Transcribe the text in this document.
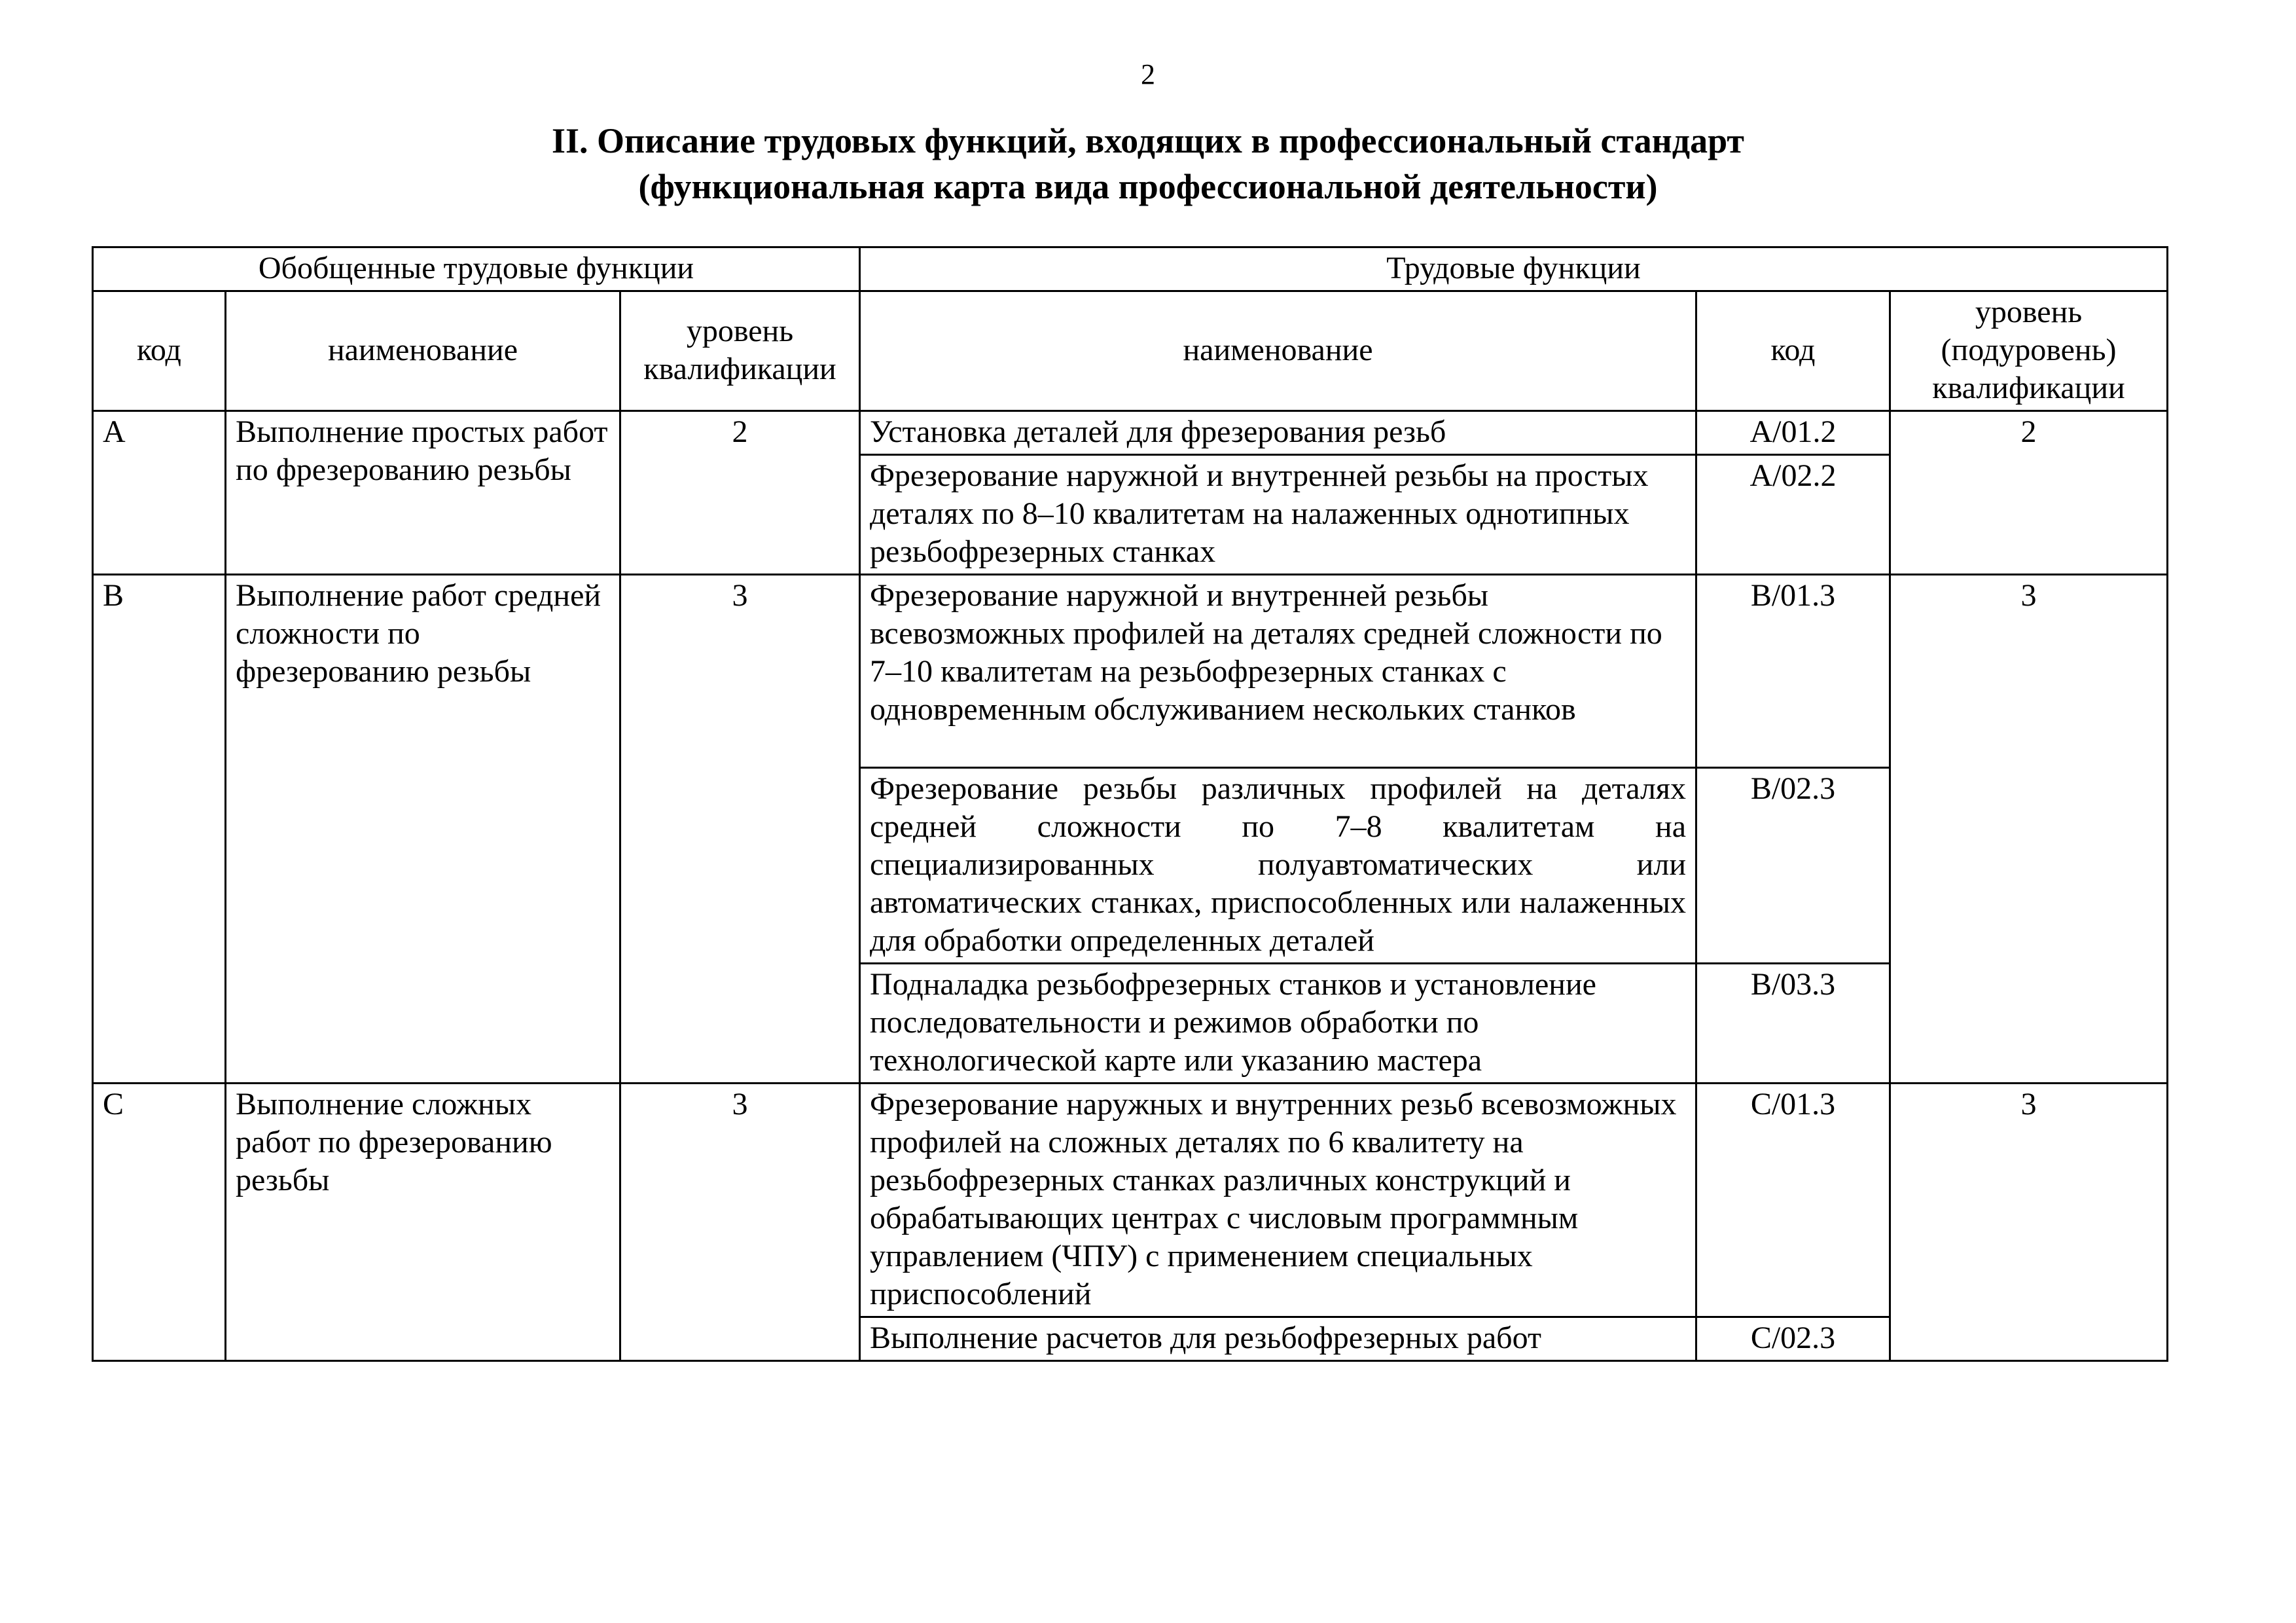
2
II. Описание трудовых функций, входящих в профессиональный стандарт
(функциональная карта вида профессиональной деятельности)
Обобщенные трудовые функции			Трудовые функции		
код	наименование	уровень квалификации	наименование	код	уровень (подуровень) квалификации
A	Выполнение простых работ по фрезерованию резьбы	2	Установка деталей для фрезерования резьб	A/01.2	2
			Фрезерование наружной и внутренней резьбы на простых деталях по 8–10 квалитетам на налаженных однотипных резьбофрезерных станках	A/02.2	
B	Выполнение работ средней сложности по фрезерованию резьбы	3	Фрезерование наружной и внутренней резьбы всевозможных профилей на деталях средней сложности по 7–10 квалитетам на резьбофрезерных станках с одновременным обслуживанием нескольких станков	B/01.3	3
			Фрезерование резьбы различных профилей на деталях средней сложности по 7–8 квалитетам на специализированных полуавтоматических или автоматических станках, приспособленных или налаженных для обработки определенных деталей	B/02.3	
			Подналадка резьбофрезерных станков и установление последовательности и режимов обработки по технологической карте или указанию мастера	B/03.3	
C	Выполнение сложных работ по фрезерованию резьбы	3	Фрезерование наружных и внутренних резьб всевозможных профилей на сложных деталях по 6 квалитету на резьбофрезерных станках различных конструкций и обрабатывающих центрах с числовым программным управлением (ЧПУ) с применением специальных приспособлений	C/01.3	3
			Выполнение расчетов для резьбофрезерных работ	C/02.3	
